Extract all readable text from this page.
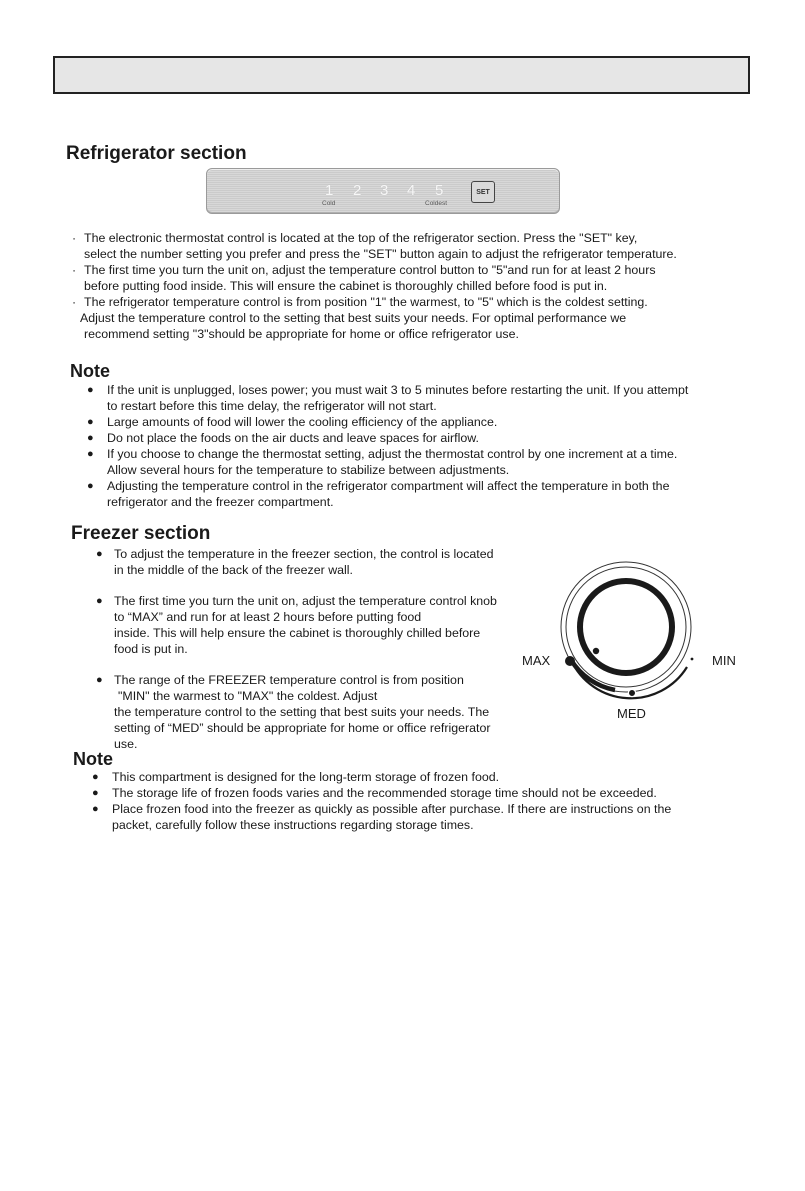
Refrigerator section
1 2 3 4 5
Cold	Coldest
SET
· The electronic thermostat control is located at the top of the refrigerator section. Press the "SET" key,
select the number setting you prefer and press the "SET" button again to adjust the refrigerator temperature.
· The first time you turn the unit on, adjust the temperature control button to "5"and run for at least 2 hours
before putting food inside. This will ensure the cabinet is thoroughly chilled before food is put in.
· The refrigerator temperature control is from position "1" the warmest, to "5" which is the coldest setting.
Adjust the temperature control to the setting that best suits your needs. For optimal performance we
recommend setting "3"should be appropriate for home or office refrigerator use.
Note
● If the unit is unplugged, loses power; you must wait 3 to 5 minutes before restarting the unit. If you attempt
to restart before this time delay, the refrigerator will not start.
● Large amounts of food will lower the cooling efficiency of the appliance.
● Do not place the foods on the air ducts and leave spaces for airflow.
● If you choose to change the thermostat setting, adjust the thermostat control by one increment at a time.
Allow several hours for the temperature to stabilize between adjustments.
● Adjusting the temperature control in the refrigerator compartment will affect the temperature in both the
refrigerator and the freezer compartment.
Freezer section
● To adjust the temperature in the freezer section, the control is located
in the middle of the back of the freezer wall.
● The first time you turn the unit on, adjust the temperature control knob
to “MAX” and run for at least 2 hours before putting food
inside. This will help ensure the cabinet is thoroughly chilled before
food is put in.
● The range of the FREEZER temperature control is from position
"MIN" the warmest to "MAX" the coldest. Adjust
the temperature control to the setting that best suits your needs. The
setting of “MED” should be appropriate for home or office refrigerator
use.
MAX	MIN
MED
Note
● This compartment is designed for the long-term storage of frozen food.
● The storage life of frozen foods varies and the recommended storage time should not be exceeded.
● Place frozen food into the freezer as quickly as possible after purchase. If there are instructions on the
packet, carefully follow these instructions regarding storage times.
